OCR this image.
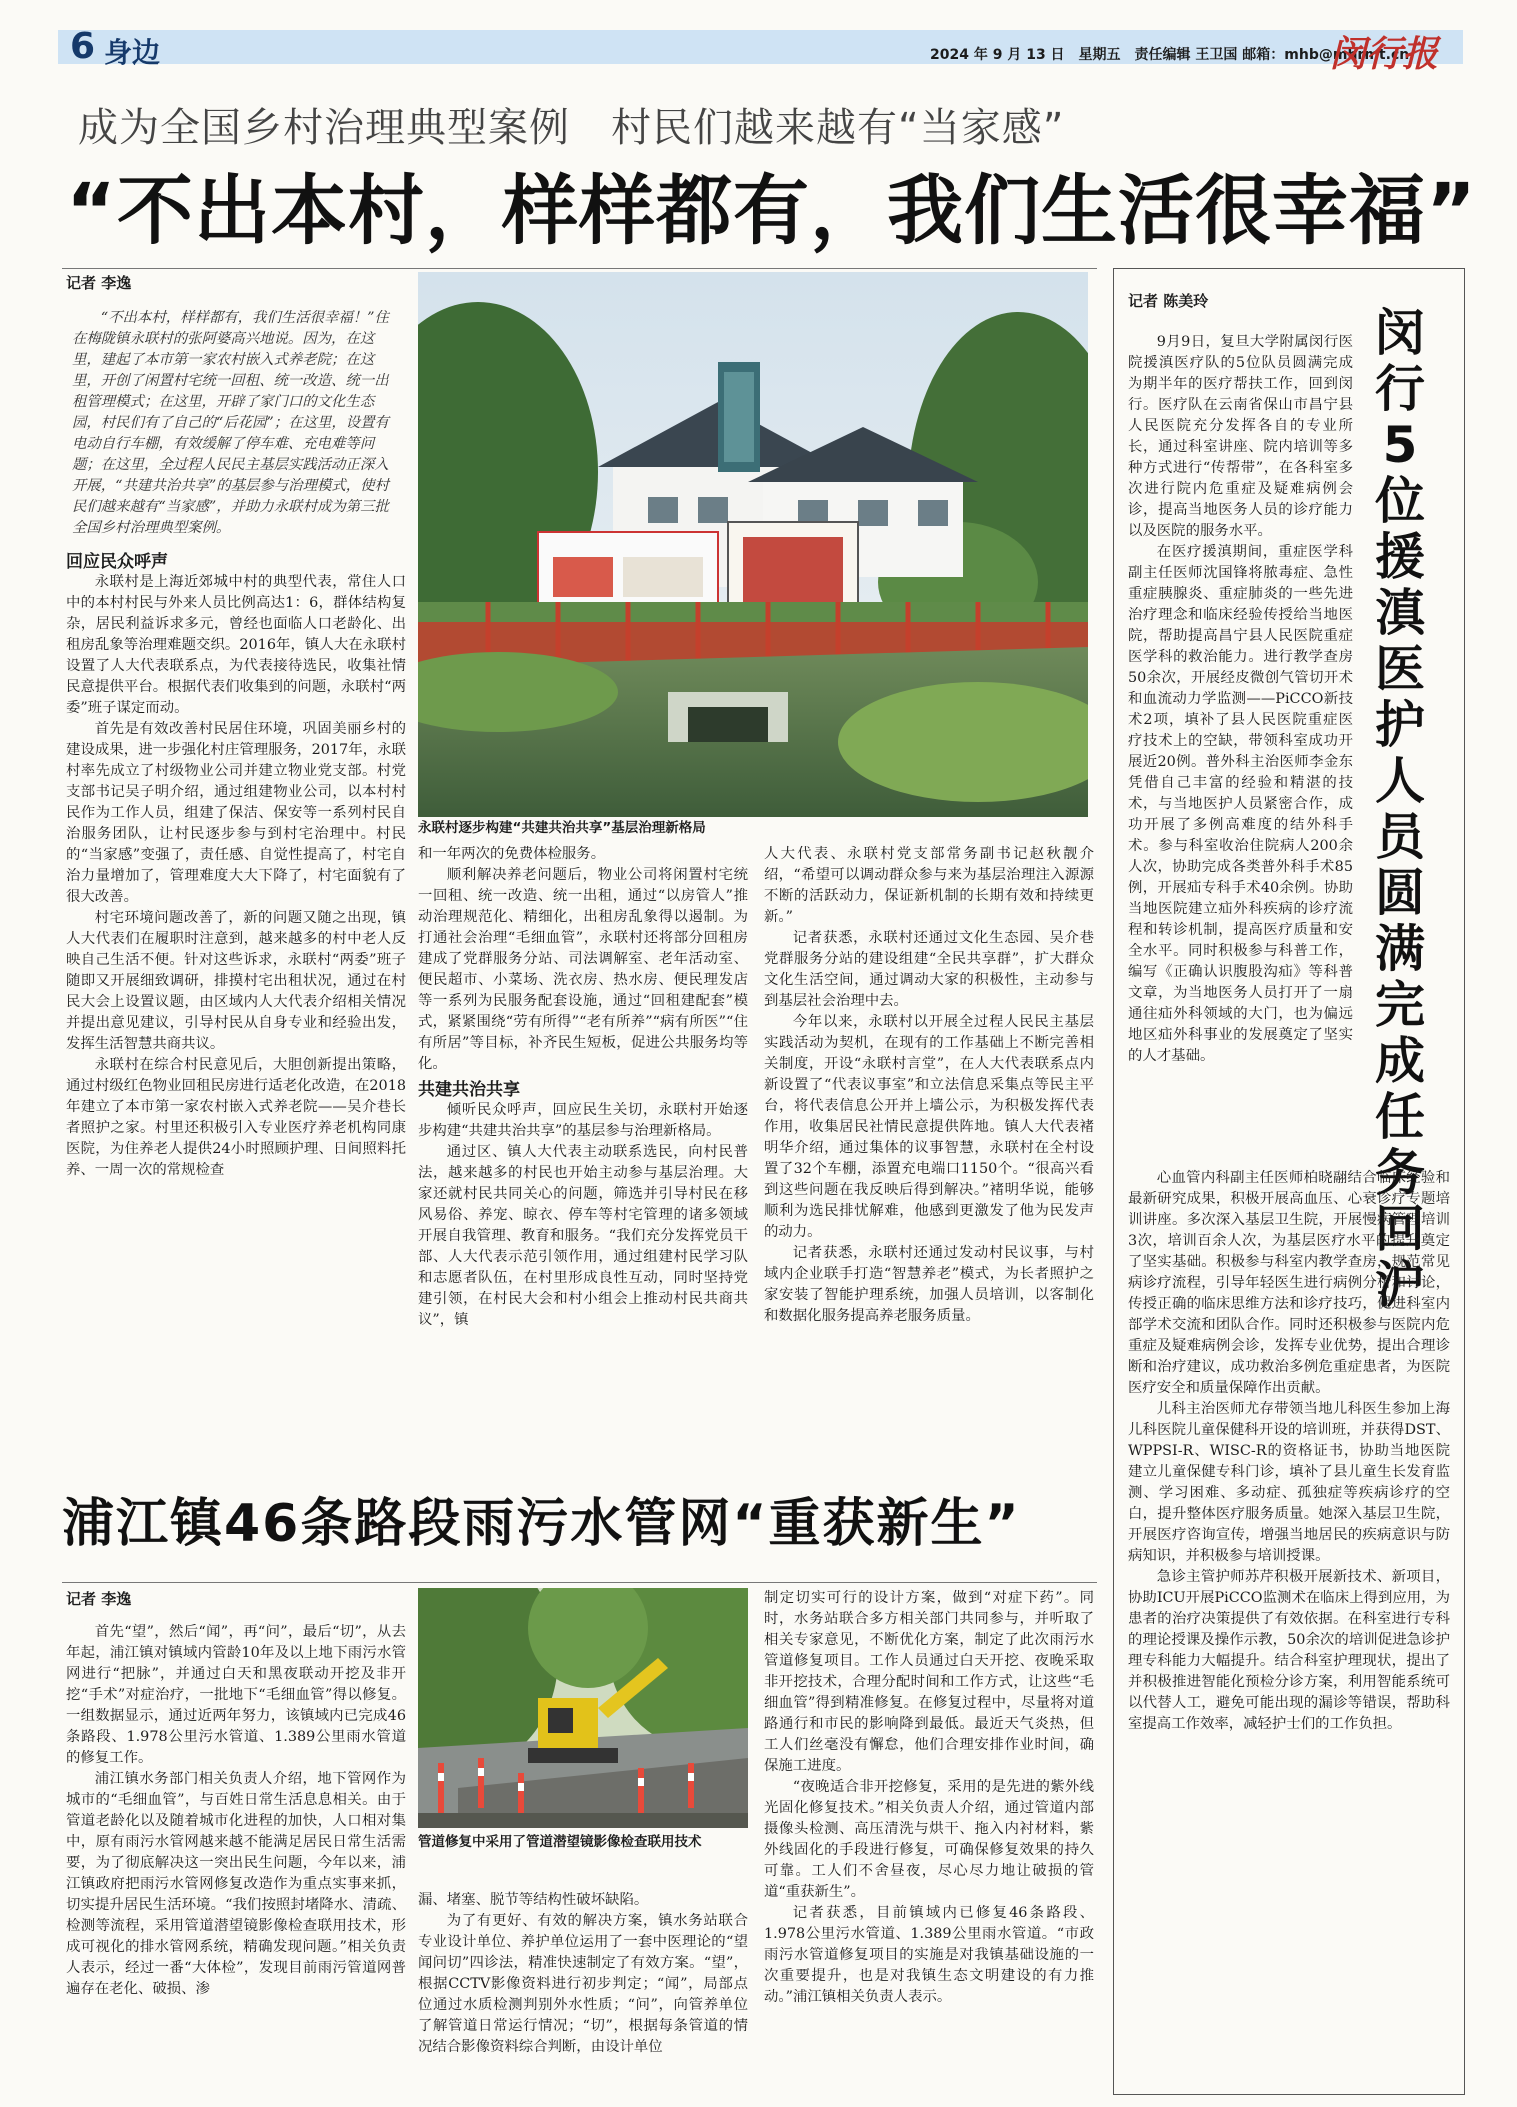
6 身边	2024 年 9 月 13 日　星期五　责任编辑 王卫国 邮箱：mhb@mhrmt.cn
闵行报
成为全国乡村治理典型案例　村民们越来越有“当家感”
“不出本村，样样都有，我们生活很幸福”
记者 李逸

“不出本村，样样都有，我们生活很幸福！”住在梅陇镇永联村的张阿婆高兴地说。因为，在这里，建起了本市第一家农村嵌入式养老院；在这里，开创了闲置村宅统一回租、统一改造、统一出租管理模式；在这里，开辟了家门口的文化生态园，村民们有了自己的“后花园”；在这里，设置有电动自行车棚，有效缓解了停车难、充电难等问题；在这里，全过程人民民主基层实践活动正深入开展，“共建共治共享”的基层参与治理模式，使村民们越来越有“当家感”，并助力永联村成为第三批全国乡村治理典型案例。

回应民众呼声

永联村是上海近郊城中村的典型代表，常住人口中的本村村民与外来人员比例高达1：6，群体结构复杂，居民利益诉求多元，曾经也面临人口老龄化、出租房乱象等治理难题交织。2016年，镇人大在永联村设置了人大代表联系点，为代表接待选民，收集社情民意提供平台。根据代表们收集到的问题，永联村“两委”班子谋定而动。

首先是有效改善村民居住环境，巩固美丽乡村的建设成果，进一步强化村庄管理服务，2017年，永联村率先成立了村级物业公司并建立物业党支部。村党支部书记吴子明介绍，通过组建物业公司，以本村村民作为工作人员，组建了保洁、保安等一系列村民自治服务团队，让村民逐步参与到村宅治理中。村民的“当家感”变强了，责任感、自觉性提高了，村宅自治力量增加了，管理难度大大下降了，村宅面貌有了很大改善。

村宅环境问题改善了，新的问题又随之出现，镇人大代表们在履职时注意到，越来越多的村中老人反映自己生活不便。针对这些诉求，永联村“两委”班子随即又开展细致调研，排摸村宅出租状况，通过在村民大会上设置议题，由区域内人大代表介绍相关情况并提出意见建议，引导村民从自身专业和经验出发，发挥生活智慧共商共议。

永联村在综合村民意见后，大胆创新提出策略，通过村级红色物业回租民房进行适老化改造，在2018年建立了本市第一家农村嵌入式养老院——吴介巷长者照护之家。村里还积极引入专业医疗养老机构同康医院，为住养老人提供24小时照顾护理、日间照料托养、一周一次的常规检查

永联村逐步构建“共建共治共享”基层治理新格局

和一年两次的免费体检服务。

顺利解决养老问题后，物业公司将闲置村宅统一回租、统一改造、统一出租，通过“以房管人”推动治理规范化、精细化，出租房乱象得以遏制。为打通社会治理“毛细血管”，永联村还将部分回租房建成了党群服务分站、司法调解室、老年活动室、便民超市、小菜场、洗衣房、热水房、便民理发店等一系列为民服务配套设施，通过“回租建配套”模式，紧紧围绕“劳有所得”“老有所养”“病有所医”“住有所居”等目标，补齐民生短板，促进公共服务均等化。

共建共治共享

倾听民众呼声，回应民生关切，永联村开始逐步构建“共建共治共享”的基层参与治理新格局。

通过区、镇人大代表主动联系选民，向村民普法，越来越多的村民也开始主动参与基层治理。大家还就村民共同关心的问题，筛选并引导村民在移风易俗、养宠、晾衣、停车等村宅管理的诸多领域开展自我管理、教育和服务。“我们充分发挥党员干部、人大代表示范引领作用，通过组建村民学习队和志愿者队伍，在村里形成良性互动，同时坚持党建引领，在村民大会和村小组会上推动村民共商共议”，镇

人大代表、永联村党支部常务副书记赵秋靓介绍，“希望可以调动群众参与来为基层治理注入源源不断的活跃动力，保证新机制的长期有效和持续更新。”

记者获悉，永联村还通过文化生态园、吴介巷党群服务分站的建设组建“全民共享群”，扩大群众文化生活空间，通过调动大家的积极性，主动参与到基层社会治理中去。

今年以来，永联村以开展全过程人民民主基层实践活动为契机，在现有的工作基础上不断完善相关制度，开设“永联村言堂”，在人大代表联系点内新设置了“代表议事室”和立法信息采集点等民主平台，将代表信息公开并上墙公示，为积极发挥代表作用，收集居民社情民意提供阵地。镇人大代表褚明华介绍，通过集体的议事智慧，永联村在全村设置了32个车棚，添置充电端口1150个。“很高兴看到这些问题在我反映后得到解决。”褚明华说，能够顺利为选民排忧解难，他感到更激发了他为民发声的动力。

记者获悉，永联村还通过发动村民议事，与村域内企业联手打造“智慧养老”模式，为长者照护之家安装了智能护理系统，加强人员培训，以客制化和数据化服务提高养老服务质量。

记者 陈美玲
闵行5位援滇医护人员圆满完成任务回沪

9月9日，复旦大学附属闵行医院援滇医疗队的5位队员圆满完成为期半年的医疗帮扶工作，回到闵行。医疗队在云南省保山市昌宁县人民医院充分发挥各自的专业所长，通过科室讲座、院内培训等多种方式进行“传帮带”，在各科室多次进行院内危重症及疑难病例会诊，提高当地医务人员的诊疗能力以及医院的服务水平。

在医疗援滇期间，重症医学科副主任医师沈国锋将脓毒症、急性重症胰腺炎、重症肺炎的一些先进治疗理念和临床经验传授给当地医院，帮助提高昌宁县人民医院重症医学科的救治能力。进行教学查房50余次，开展经皮微创气管切开术和血流动力学监测——PiCCO新技术2项，填补了县人民医院重症医疗技术上的空缺，带领科室成功开展近20例。普外科主治医师李金东凭借自己丰富的经验和精湛的技术，与当地医护人员紧密合作，成功开展了多例高难度的结外科手术。参与科室收治住院病人200余人次，协助完成各类普外科手术85例，开展疝专科手术40余例。协助当地医院建立疝外科疾病的诊疗流程和转诊机制，提高医疗质量和安全水平。同时积极参与科普工作，编写《正确认识腹股沟疝》等科普文章，为当地医务人员打开了一扇通往疝外科领域的大门，也为偏远地区疝外科事业的发展奠定了坚实的人才基础。

心血管内科副主任医师柏晓翮结合临床经验和最新研究成果，积极开展高血压、心衰诊疗专题培训讲座。多次深入基层卫生院，开展慢病管理培训3次，培训百余人次，为基层医疗水平的提升奠定了坚实基础。积极参与科室内教学查房，规范常见病诊疗流程，引导年轻医生进行病例分析和讨论，传授正确的临床思维方法和诊疗技巧，促进科室内部学术交流和团队合作。同时还积极参与医院内危重症及疑难病例会诊，发挥专业优势，提出合理诊断和治疗建议，成功救治多例危重症患者，为医院医疗安全和质量保障作出贡献。

儿科主治医师尤存带领当地儿科医生参加上海儿科医院儿童保健科开设的培训班，并获得DST、WPPSI-R、WISC-R的资格证书，协助当地医院建立儿童保健专科门诊，填补了县儿童生长发育监测、学习困难、多动症、孤独症等疾病诊疗的空白，提升整体医疗服务质量。她深入基层卫生院，开展医疗咨询宣传，增强当地居民的疾病意识与防病知识，并积极参与培训授课。

急诊主管护师苏芹积极开展新技术、新项目，协助ICU开展PiCCO监测术在临床上得到应用，为患者的治疗决策提供了有效依据。在科室进行专科的理论授课及操作示教，50余次的培训促进急诊护理专科能力大幅提升。结合科室护理现状，提出了并积极推进智能化预检分诊方案，利用智能系统可以代替人工，避免可能出现的漏诊等错误，帮助科室提高工作效率，减轻护士们的工作负担。

浦江镇46条路段雨污水管网“重获新生”
记者 李逸

首先“望”，然后“闻”，再“问”，最后“切”，从去年起，浦江镇对镇域内管龄10年及以上地下雨污水管网进行“把脉”，并通过白天和黑夜联动开挖及非开挖“手术”对症治疗，一批地下“毛细血管”得以修复。一组数据显示，通过近两年努力，该镇域内已完成46条路段、1.978公里污水管道、1.389公里雨水管道的修复工作。

浦江镇水务部门相关负责人介绍，地下管网作为城市的“毛细血管”，与百姓日常生活息息相关。由于管道老龄化以及随着城市化进程的加快，人口相对集中，原有雨污水管网越来越不能满足居民日常生活需要，为了彻底解决这一突出民生问题，今年以来，浦江镇政府把雨污水管网修复改造作为重点实事来抓，切实提升居民生活环境。“我们按照封堵降水、清疏、检测等流程，采用管道潜望镜影像检查联用技术，形成可视化的排水管网系统，精确发现问题。”相关负责人表示，经过一番“大体检”，发现目前雨污管道网普遍存在老化、破损、渗

管道修复中采用了管道潜望镜影像检查联用技术

漏、堵塞、脱节等结构性破坏缺陷。

为了有更好、有效的解决方案，镇水务站联合专业设计单位、养护单位运用了一套中医理论的“望闻问切”四诊法，精准快速制定了有效方案。“望”，根据CCTV影像资料进行初步判定；“闻”，局部点位通过水质检测判别外水性质；“问”，向管养单位了解管道日常运行情况；“切”，根据每条管道的情况结合影像资料综合判断，由设计单位

制定切实可行的设计方案，做到“对症下药”。同时，水务站联合多方相关部门共同参与，并听取了相关专家意见，不断优化方案，制定了此次雨污水管道修复项目。工作人员通过白天开挖、夜晚采取非开挖技术，合理分配时间和工作方式，让这些“毛细血管”得到精准修复。在修复过程中，尽量将对道路通行和市民的影响降到最低。最近天气炎热，但工人们丝毫没有懈怠，他们合理安排作业时间，确保施工进度。

“夜晚适合非开挖修复，采用的是先进的紫外线光固化修复技术。”相关负责人介绍，通过管道内部摄像头检测、高压清洗与烘干、拖入内衬材料，紫外线固化的手段进行修复，可确保修复效果的持久可靠。工人们不舍昼夜，尽心尽力地让破损的管道“重获新生”。

记者获悉，目前镇域内已修复46条路段、1.978公里污水管道、1.389公里雨水管道。“市政雨污水管道修复项目的实施是对我镇基础设施的一次重要提升，也是对我镇生态文明建设的有力推动。”浦江镇相关负责人表示。
